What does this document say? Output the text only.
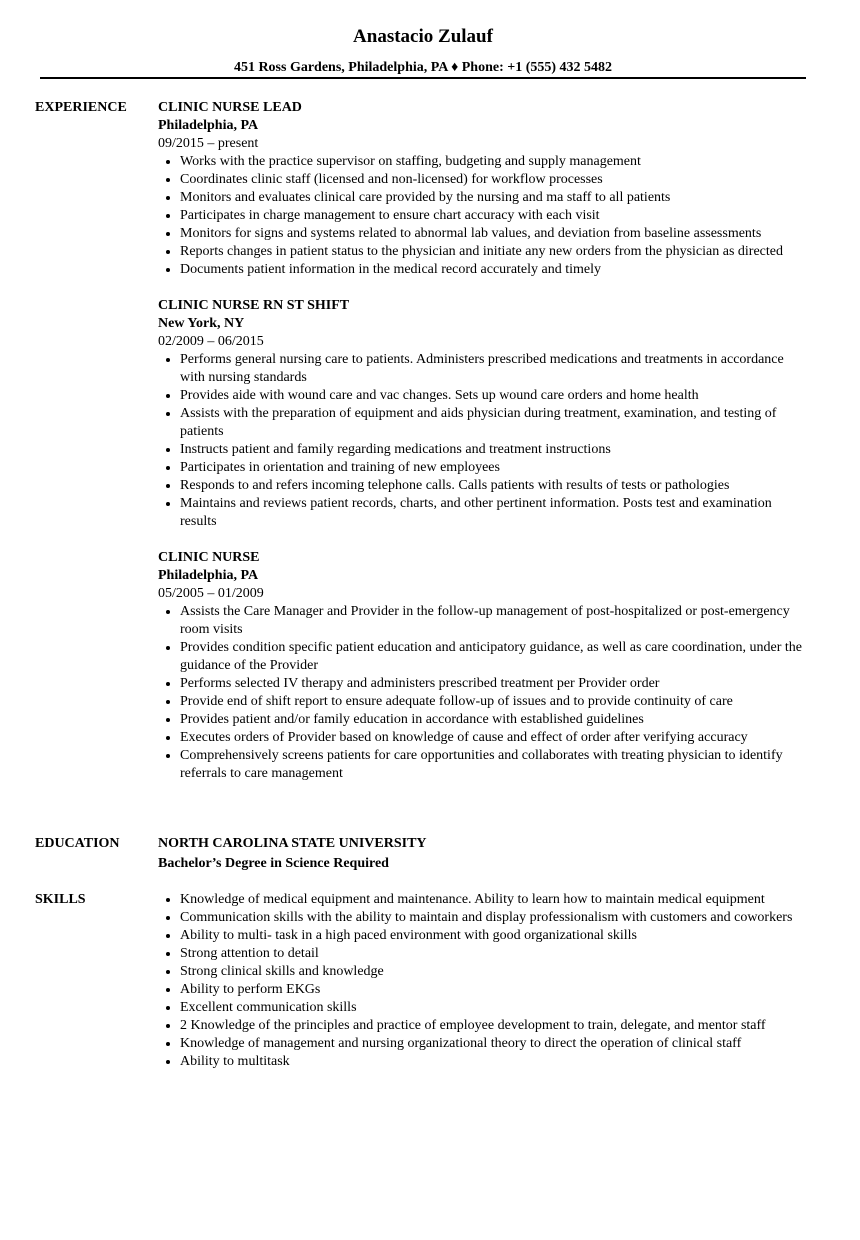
Anastacio Zulauf
451 Ross Gardens, Philadelphia, PA ♦ Phone: +1 (555) 432 5482
EXPERIENCE CLINIC NURSE LEAD
Philadelphia, PA
09/2015 – present
Works with the practice supervisor on staffing, budgeting and supply management
Coordinates clinic staff (licensed and non-licensed) for workflow processes
Monitors and evaluates clinical care provided by the nursing and ma staff to all patients
Participates in charge management to ensure chart accuracy with each visit
Monitors for signs and systems related to abnormal lab values, and deviation from baseline assessments
Reports changes in patient status to the physician and initiate any new orders from the physician as directed
Documents patient information in the medical record accurately and timely
CLINIC NURSE RN ST SHIFT
New York, NY
02/2009 – 06/2015
Performs general nursing care to patients. Administers prescribed medications and treatments in accordance with nursing standards
Provides aide with wound care and vac changes. Sets up wound care orders and home health
Assists with the preparation of equipment and aids physician during treatment, examination, and testing of patients
Instructs patient and family regarding medications and treatment instructions
Participates in orientation and training of new employees
Responds to and refers incoming telephone calls. Calls patients with results of tests or pathologies
Maintains and reviews patient records, charts, and other pertinent information. Posts test and examination results
CLINIC NURSE
Philadelphia, PA
05/2005 – 01/2009
Assists the Care Manager and Provider in the follow-up management of post-hospitalized or post-emergency room visits
Provides condition specific patient education and anticipatory guidance, as well as care coordination, under the guidance of the Provider
Performs selected IV therapy and administers prescribed treatment per Provider order
Provide end of shift report to ensure adequate follow-up of issues and to provide continuity of care
Provides patient and/or family education in accordance with established guidelines
Executes orders of Provider based on knowledge of cause and effect of order after verifying accuracy
Comprehensively screens patients for care opportunities and collaborates with treating physician to identify referrals to care management
EDUCATION	NORTH CAROLINA STATE UNIVERSITY
Bachelor’s Degree in Science Required
SKILLS	Knowledge of medical equipment and maintenance. Ability to learn how to maintain medical equipment
Communication skills with the ability to maintain and display professionalism with customers and coworkers
Ability to multi- task in a high paced environment with good organizational skills
Strong attention to detail
Strong clinical skills and knowledge
Ability to perform EKGs
Excellent communication skills
2 Knowledge of the principles and practice of employee development to train, delegate, and mentor staff
Knowledge of management and nursing organizational theory to direct the operation of clinical staff
Ability to multitask
